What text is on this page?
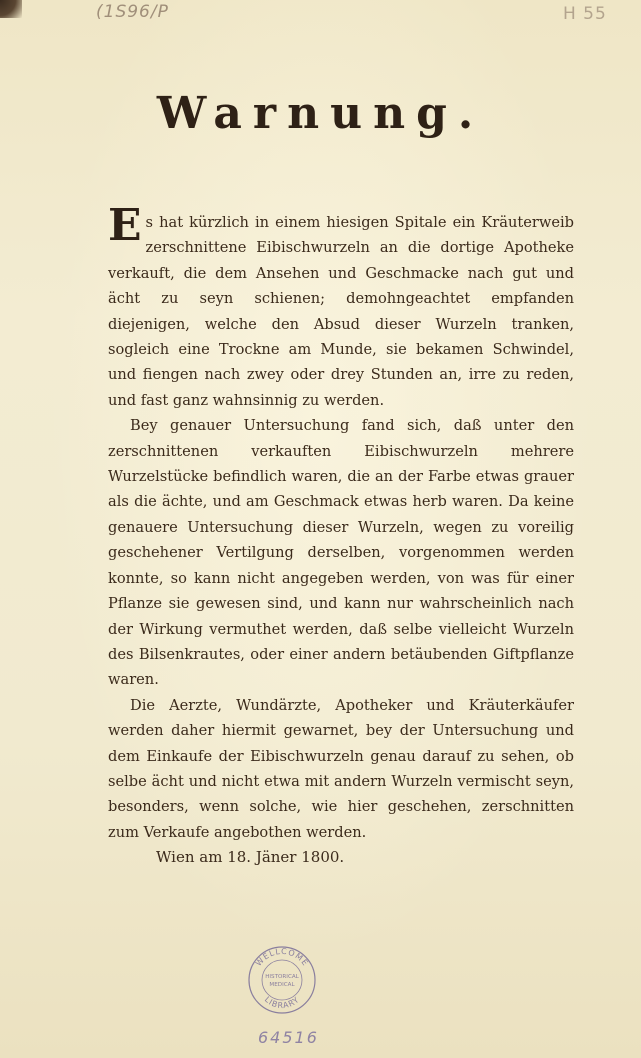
(1S96/P	H 55
Warnung.

Es hat kürzlich in einem hiesigen Spitale ein Kräuterweib zerschnittene Eibischwurzeln an die dortige Apotheke verkauft, die dem Ansehen und Geschmacke nach gut und ächt zu seyn schienen; demohngeachtet empfanden diejenigen, welche den Absud dieser Wurzeln tranken, sogleich eine Trockne am Munde, sie bekamen Schwindel, und fiengen nach zwey oder drey Stunden an, irre zu reden, und fast ganz wahnsinnig zu werden.

Bey genauer Untersuchung fand sich, daß unter den zerschnittenen verkauften Eibischwurzeln mehrere Wurzelstücke befindlich waren, die an der Farbe etwas grauer als die ächte, und am Geschmack etwas herb waren. Da keine genauere Untersuchung dieser Wurzeln, wegen zu voreilig geschehener Vertilgung derselben, vorgenommen werden konnte, so kann nicht angegeben werden, von was für einer Pflanze sie gewesen sind, und kann nur wahrscheinlich nach der Wirkung vermuthet werden, daß selbe vielleicht Wurzeln des Bilsenkrautes, oder einer andern betäubenden Giftpflanze waren.

Die Aerzte, Wundärzte, Apotheker und Kräuterkäufer werden daher hiermit gewarnet, bey der Untersuchung und dem Einkaufe der Eibischwurzeln genau darauf zu sehen, ob selbe ächt und nicht etwa mit andern Wurzeln vermischt seyn, besonders, wenn solche, wie hier geschehen, zerschnitten zum Verkaufe angebothen werden.

Wien am 18. Jäner 1800.
WELLCOME
LIBRARY
HISTORICAL
MEDICAL
64516
